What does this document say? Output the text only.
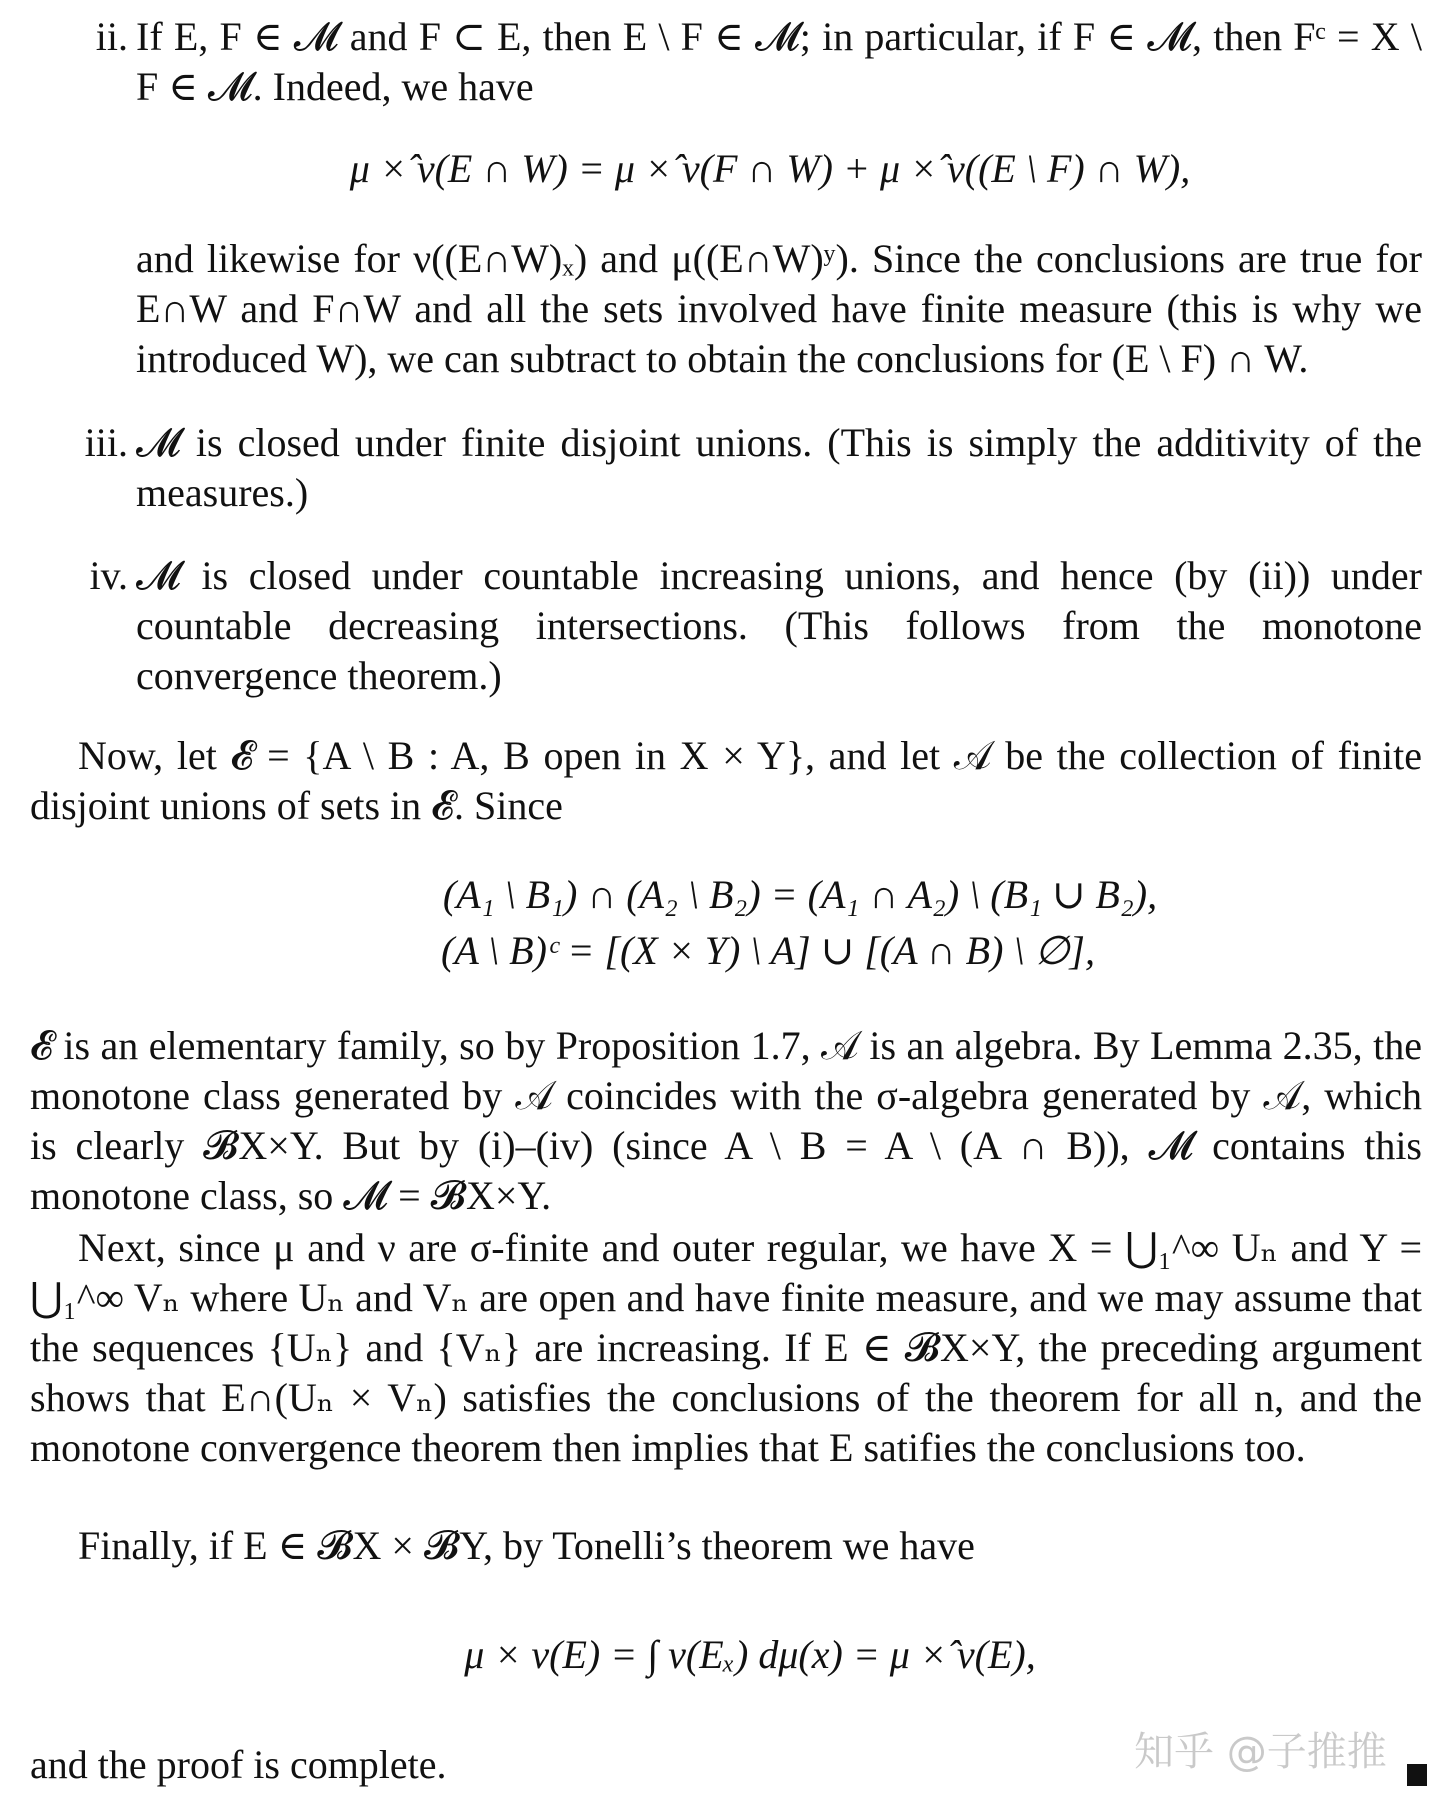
ii. If E, F ∈ 𝓜 and F ⊂ E, then E \ F ∈ 𝓜; in particular, if F ∈ 𝓜, then Fᶜ = X \ F ∈ 𝓜. Indeed, we have
μ ×̂ ν(E ∩ W) = μ ×̂ ν(F ∩ W) + μ ×̂ ν((E \ F) ∩ W),
and likewise for ν((E∩W)ₓ) and μ((E∩W)ʸ). Since the conclusions are true for E∩W and F∩W and all the sets involved have finite measure (this is why we introduced W), we can subtract to obtain the conclusions for (E \ F) ∩ W.
iii. 𝓜 is closed under finite disjoint unions. (This is simply the additivity of the measures.)
iv. 𝓜 is closed under countable increasing unions, and hence (by (ii)) under countable decreasing intersections. (This follows from the monotone convergence theorem.)
Now, let 𝓔 = {A \ B : A, B open in X × Y}, and let 𝒜 be the collection of finite disjoint unions of sets in 𝓔. Since
(A₁ \ B₁) ∩ (A₂ \ B₂) = (A₁ ∩ A₂) \ (B₁ ∪ B₂),
(A \ B)ᶜ = [(X × Y) \ A] ∪ [(A ∩ B) \ ∅],
𝓔 is an elementary family, so by Proposition 1.7, 𝒜 is an algebra. By Lemma 2.35, the monotone class generated by 𝒜 coincides with the σ-algebra generated by 𝒜, which is clearly 𝓑X×Y. But by (i)–(iv) (since A \ B = A \ (A ∩ B)), 𝓜 contains this monotone class, so 𝓜 = 𝓑X×Y.
Next, since μ and ν are σ-finite and outer regular, we have X = ⋃₁^∞ Uₙ and Y = ⋃₁^∞ Vₙ where Uₙ and Vₙ are open and have finite measure, and we may assume that the sequences {Uₙ} and {Vₙ} are increasing. If E ∈ 𝓑X×Y, the preceding argument shows that E∩(Uₙ × Vₙ) satisfies the conclusions of the theorem for all n, and the monotone convergence theorem then implies that E satifies the conclusions too.
Finally, if E ∈ 𝓑X × 𝓑Y, by Tonelli’s theorem we have
μ × ν(E) = ∫ ν(Eₓ) dμ(x) = μ ×̂ ν(E),
and the proof is complete.	知乎 @子推推
